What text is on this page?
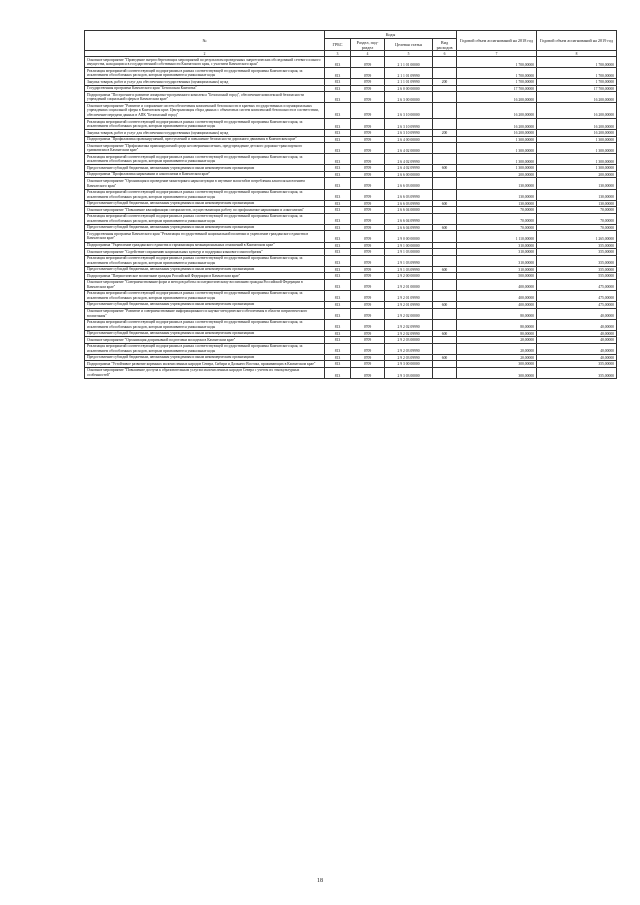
№	Коды				Годовой объем ассигнований на 2018 год	Годовой объем ассигнований на 2019 год
	ГРБС	Раздел, под-раздел	Целевая статья	Вид расходов		
2	3	4	5	6	7	8
Основное мероприятие "Проведение энергосберегающих мероприятий по результатам проведенных энергетических обследований сетевого и иного имущества, находящихся в государственной собственности Камчатского края, с участием Камчатского края"	813	0709	2 1 1 01 00000		1 700,00000	1 700,00000
Реализация мероприятий соответствующей подпрограммы в рамках соответствующей государственной программы Камчатского края, за исключением обособленных расходов, которым присваиваются уникальные коды	813	0709	2 1 1 01 09990		1 700,00000	1 700,00000
Закупка товаров, работ и услуг для обеспечения государственных (муниципальных) нужд	813	0709	2 1 1 01 09990	200	1 700,00000	1 700,00000
Государственная программа Камчатского края "Безопасная Камчатка"	813	0709	2 6 0 00 00000		17 700,00000	17 700,00000
Подпрограмма "Построение и развитие аппаратно-программного комплекса "Безопасный город", обеспечение комплексной безопасности учреждений социальной сферы в Камчатском крае"	813	0709	2 6 3 00 00000		16 200,00000	16 200,00000
Основное мероприятие "Развитие и сопряжение систем обеспечения комплексной безопасности в краевых государственных и муниципальных учреждениях социальной сферы в Камчатском крае. Централизация сбора данных с объектовых систем комплексной безопасности в соответствии, обеспечение передачи данных в АПК "Безопасный город"	813	0709	2 6 3 10 00000		16 200,00000	16 200,00000
Реализация мероприятий соответствующей подпрограммы в рамках соответствующей государственной программы Камчатского края, за исключением обособленных расходов, которым присваиваются уникальные коды	813	0709	2 6 3 10 09990		16 200,00000	16 200,00000
Закупка товаров, работ и услуг для обеспечения государственных (муниципальных) нужд	813	0709	2 6 3 10 09990	200	16 200,00000	16 200,00000
Подпрограмма "Профилактика правонарушений, преступлений и повышение безопасности дорожного движения в Камчатском крае"	813	0709	2 6 4 00 00000		1 300,00000	1 300,00000
Основное мероприятие "Профилактика правонарушений среди несовершеннолетних, предупреждение детского дорожно-транспортного травматизма в Камчатском крае"	813	0709	2 6 4 02 00000		1 300,00000	1 300,00000
Реализация мероприятий соответствующей подпрограммы в рамках соответствующей государственной программы Камчатского края, за исключением обособленных расходов, которым присваиваются уникальные коды	813	0709	2 6 4 02 09990		1 300,00000	1 300,00000
Предоставление субсидий бюджетным, автономным учреждениям и иным некоммерческим организациям	813	0709	2 6 4 02 09990	600	1 300,00000	1 300,00000
Подпрограмма "Профилактика наркомании и алкоголизма в Камчатском крае"	813	0709	2 6 6 00 00000		200,00000	200,00000
Основное мероприятие "Организация и проведение мониторинга наркоситуации в изучение масштабов потребления алкоголя населением Камчатского края"	813	0709	2 6 6 03 00000		130,00000	130,00000
Реализация мероприятий соответствующей подпрограммы в рамках соответствующей государственной программы Камчатского края, за исключением обособленных расходов, которым присваиваются уникальные коды	813	0709	2 6 6 03 09990		130,00000	130,00000
Предоставление субсидий бюджетным, автономным учреждениям и иным некоммерческим организациям	813	0709	2 6 6 03 09990	600	130,00000	130,00000
Основное мероприятие "Повышение квалификации специалистов, осуществляющих работу по профилактике наркомании и алкоголизма"	813	0709	2 6 6 04 00000		70,00000	70,00000
Реализация мероприятий соответствующей подпрограммы в рамках соответствующей государственной программы Камчатского края, за исключением обособленных расходов, которым присваиваются уникальные коды	813	0709	2 6 6 04 09990		70,00000	70,00000
Предоставление субсидий бюджетным, автономным учреждениям и иным некоммерческим организациям	813	0709	2 6 6 04 09990	600	70,00000	70,00000
Государственная программа Камчатского края "Реализация государственной национальной политики и укрепление гражданского единства в Камчатском крае"	813	0709	2 9 0 00 00000		1 110,00000	1 265,00000
Подпрограмма "Укрепление гражданского единства и гармонизация межнациональных отношений в Камчатском крае"	813	0709	2 9 1 00 00000		310,00000	355,00000
Основное мероприятие "Содействие сохранению национальных культур и поддержка языкового многообразия"	813	0709	2 9 1 03 00000		310,00000	355,00000
Реализация мероприятий соответствующей подпрограммы в рамках соответствующей государственной программы Камчатского края, за исключением обособленных расходов, которым присваиваются уникальные коды	813	0709	2 9 1 03 09990		310,00000	355,00000
Предоставление субсидий бюджетным, автономным учреждениям и иным некоммерческим организациям	813	0709	2 9 1 03 09990	600	310,00000	355,00000
Подпрограмма "Патриотическое воспитание граждан Российской Федерации в Камчатском крае"	813	0709	2 9 2 00 00000		500,00000	555,00000
Основное мероприятие "Совершенствование форм и методов работы по патриотическому воспитанию граждан Российской Федерации в Камчатском крае"	813	0709	2 9 2 01 00000		400,00000	475,00000
Реализация мероприятий соответствующей подпрограммы в рамках соответствующей государственной программы Камчатского края, за исключением обособленных расходов, которым присваиваются уникальные коды	813	0709	2 9 2 01 09990		400,00000	475,00000
Предоставление субсидий бюджетным, автономным учреждениям и иным некоммерческим организациям	813	0709	2 9 2 01 09990	600	400,00000	475,00000
Основное мероприятие "Развитие и совершенствование информационного и научно-методического обеспечения в области патриотического воспитания"	813	0709	2 9 2 02 00000		80,00000	40,00000
Реализация мероприятий соответствующей подпрограммы в рамках соответствующей государственной программы Камчатского края, за исключением обособленных расходов, которым присваиваются уникальные коды	813	0709	2 9 2 02 09990		80,00000	40,00000
Предоставление субсидий бюджетным, автономным учреждениям и иным некоммерческим организациям	813	0709	2 9 2 02 09990	600	80,00000	40,00000
Основное мероприятие "Организация допризывной подготовки молодежи в Камчатском крае"	813	0709	2 9 2 03 00000		20,00000	40,00000
Реализация мероприятий соответствующей подпрограммы в рамках соответствующей государственной программы Камчатского края, за исключением обособленных расходов, которым присваиваются уникальные коды	813	0709	2 9 2 03 09990		20,00000	40,00000
Предоставление субсидий бюджетным, автономным учреждениям и иным некоммерческим организациям	813	0709	2 9 2 03 09990	600	20,00000	40,00000
Подпрограмма "Устойчивое развитие коренных малочисленных народов Севера, Сибири и Дальнего Востока, проживающих в Камчатском крае"	813	0709	2 9 3 00 00000		300,00000	355,00000
Основное мероприятие "Повышение доступа к образовательным услугам малочисленных народов Севера с учетом их этнокультурных особенностей"	813	0709	2 9 3 03 00000		300,00000	355,00000
18
